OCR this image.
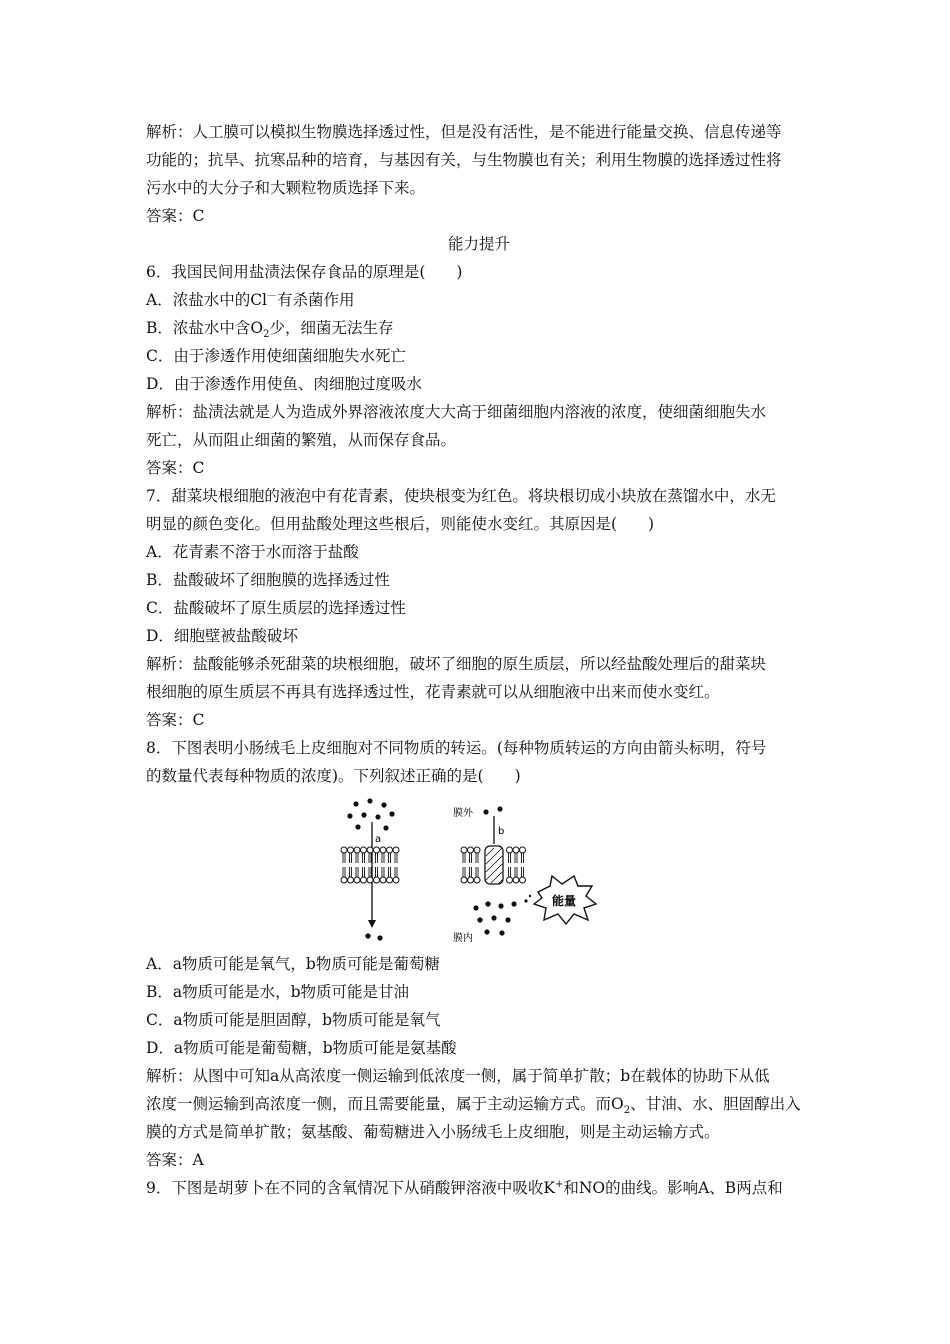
解析：人工膜可以模拟生物膜选择透过性，但是没有活性，是不能进行能量交换、信息传递等
功能的；抗旱、抗寒品种的培育，与基因有关，与生物膜也有关；利用生物膜的选择透过性将
污水中的大分子和大颗粒物质选择下来。
答案：C
能力提升
6．我国民间用盐渍法保存食品的原理是(　　)
A．浓盐水中的Cl－有杀菌作用
B．浓盐水中含$O_2$少，细菌无法生存
C．由于渗透作用使细菌细胞失水死亡
D．由于渗透作用使鱼、肉细胞过度吸水
解析：盐渍法就是人为造成外界溶液浓度大大高于细菌细胞内溶液的浓度，使细菌细胞失水
死亡，从而阻止细菌的繁殖，从而保存食品。
答案：C
7．甜菜块根细胞的液泡中有花青素，使块根变为红色。将块根切成小块放在蒸馏水中，水无
明显的颜色变化。但用盐酸处理这些根后，则能使水变红。其原因是(　　)
A．花青素不溶于水而溶于盐酸
B．盐酸破坏了细胞膜的选择透过性
C．盐酸破坏了原生质层的选择透过性
D．细胞壁被盐酸破坏
解析：盐酸能够杀死甜菜的块根细胞，破坏了细胞的原生质层，所以经盐酸处理后的甜菜块
根细胞的原生质层不再具有选择透过性，花青素就可以从细胞液中出来而使水变红。
答案：C
8．下图表明小肠绒毛上皮细胞对不同物质的转运。(每种物质转运的方向由箭头标明，符号
的数量代表每种物质的浓度)。下列叙述正确的是(　　)
a
膜外
b
膜内
能量
A．a物质可能是氧气，b物质可能是葡萄糖
B．a物质可能是水，b物质可能是甘油
C．a物质可能是胆固醇，b物质可能是氧气
D．a物质可能是葡萄糖，b物质可能是氨基酸
解析：从图中可知a从高浓度一侧运输到低浓度一侧，属于简单扩散；b在载体的协助下从低
浓度一侧运输到高浓度一侧，而且需要能量，属于主动运输方式。而$O_2$、甘油、水、胆固醇出入
膜的方式是简单扩散；氨基酸、葡萄糖进入小肠绒毛上皮细胞，则是主动运输方式。
答案：A
9．下图是胡萝卜在不同的含氧情况下从硝酸钾溶液中吸收K+和NO的曲线。影响A、B两点和
